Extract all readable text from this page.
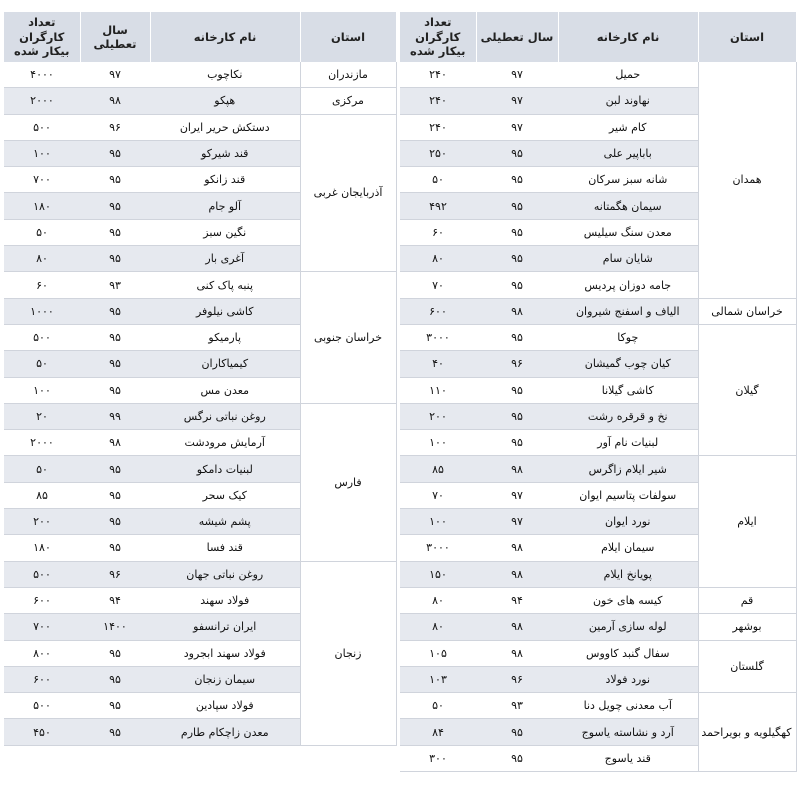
استان	نام کارخانه	سال تعطیلی	تعداد کارگران بیکار شده
همدان	حمیل	۹۷	۲۴۰
	نهاوند لبن	۹۷	۲۴۰
	کام شیر	۹۷	۲۴۰
	باباپیر علی	۹۵	۲۵۰
	شانه سبز سرکان	۹۵	۵۰
	سیمان هگمتانه	۹۵	۴۹۲
	معدن سنگ سیلیس	۹۵	۶۰
	شایان سام	۹۵	۸۰
	جامه دوزان پردیس	۹۵	۷۰
خراسان شمالی	الیاف و اسفنج شیروان	۹۸	۶۰۰
گیلان	چوکا	۹۵	۳۰۰۰
	کیان چوب گمیشان	۹۶	۴۰
	کاشی گیلانا	۹۵	۱۱۰
	نخ و قرقره رشت	۹۵	۲۰۰
	لبنیات نام آور	۹۵	۱۰۰
ایلام	شیر ایلام زاگرس	۹۸	۸۵
	سولفات پتاسیم ایوان	۹۷	۷۰
	نورد ایوان	۹۷	۱۰۰
	سیمان ایلام	۹۸	۳۰۰۰
	پویانخ ایلام	۹۸	۱۵۰
قم	کیسه های خون	۹۴	۸۰
بوشهر	لوله سازی آرمین	۹۸	۸۰
گلستان	سفال گنبد کاووس	۹۸	۱۰۵
	نورد فولاد	۹۶	۱۰۳
کهگیلویه و بویراحمد	آب معدنی چویل دنا	۹۳	۵۰
	آرد و نشاسته یاسوج	۹۵	۸۴
	قند یاسوج	۹۵	۳۰۰
استان	نام کارخانه	سال تعطیلی	تعداد کارگران بیکار شده
مازندران	نکاچوب	۹۷	۴۰۰۰
مرکزی	هپکو	۹۸	۲۰۰۰
آذربایجان غربی	دستکش حریر ایران	۹۶	۵۰۰
	قند شیرکو	۹۵	۱۰۰
	قند زانکو	۹۵	۷۰۰
	آلو جام	۹۵	۱۸۰
	نگین سبز	۹۵	۵۰
	آغری بار	۹۵	۸۰
خراسان جنوبی	پنبه پاک کنی	۹۳	۶۰
	کاشی نیلوفر	۹۵	۱۰۰۰
	پارمیکو	۹۵	۵۰۰
	کیمیاکاران	۹۵	۵۰
	معدن مس	۹۵	۱۰۰
فارس	روغن نباتی نرگس	۹۹	۲۰
	آرمایش مرودشت	۹۸	۲۰۰۰
	لبنیات دامکو	۹۵	۵۰
	کیک سحر	۹۵	۸۵
	پشم شیشه	۹۵	۲۰۰
	قند فسا	۹۵	۱۸۰
زنجان	روغن نباتی جهان	۹۶	۵۰۰
	فولاد سهند	۹۴	۶۰۰
	ایران ترانسفو	۱۴۰۰	۷۰۰
	فولاد سهند ابجرود	۹۵	۸۰۰
	سیمان زنجان	۹۵	۶۰۰
	فولاد سپادین	۹۵	۵۰۰
	معدن زاچکام طارم	۹۵	۴۵۰
